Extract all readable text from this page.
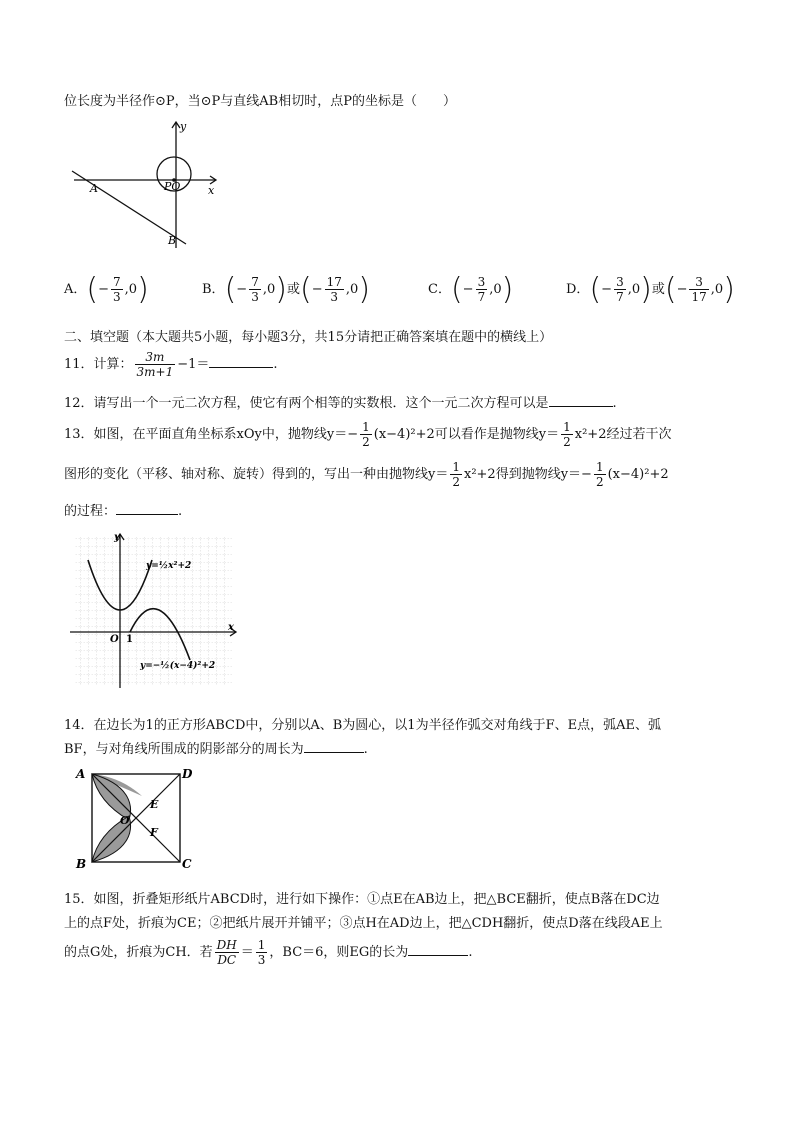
位长度为半径作⊙P，当⊙P与直线AB相切时，点P的坐标是（　　）
y
x
A	PO
B
A．(− $\frac{7}{3} ,0$)	B．(− $\frac{7}{3} ,0$)或(− $\frac{17}{3} ,0$)	C．(− $\frac{3}{7} ,0$)	D．(− $\frac{3}{7} ,0$)或(− $\frac{3}{17} ,0$)
二、填空题（本大题共5小题，每小题3分，共15分请把正确答案填在题中的横线上）
11．计算： $\frac{3m}{3m+1} -1=$	.
12．请写出一个一元二次方程，使它有两个相等的实数根．这个一元二次方程可以是	.
13．如图，在平面直角坐标系xOy中，抛物线$y=- \frac{1}{2} (x-4)^2+2$可以看作是抛物线$y= \frac{1}{2} x^2+2$经过若干次
图形的变化（平移、轴对称、旋转）得到的，写出一种由抛物线$y= \frac{1}{2} x^2+2$得到抛物线$y=- \frac{1}{2} (x-4)^2+2$
的过程：	.
y
x
O 1
y=½x²+2
y=−½(x−4)²+2
14．在边长为1的正方形ABCD中，分别以A、B为圆心，以1为半径作弧交对角线于F、E点，弧AE、弧
BF，与对角线所围成的阴影部分的周长为	.
A	D
B	C
O
E
F
15．如图，折叠矩形纸片ABCD时，进行如下操作：①点E在AB边上，把△BCE翻折，使点B落在DC边
上的点F处，折痕为CE；②把纸片展开并铺平；③点H在AD边上，把△CDH翻折，使点D落在线段AE上
的点G处，折痕为CH．若 $\frac{DH}{DC} = \frac{1}{3}$ ，BC＝6，则EG的长为	.
